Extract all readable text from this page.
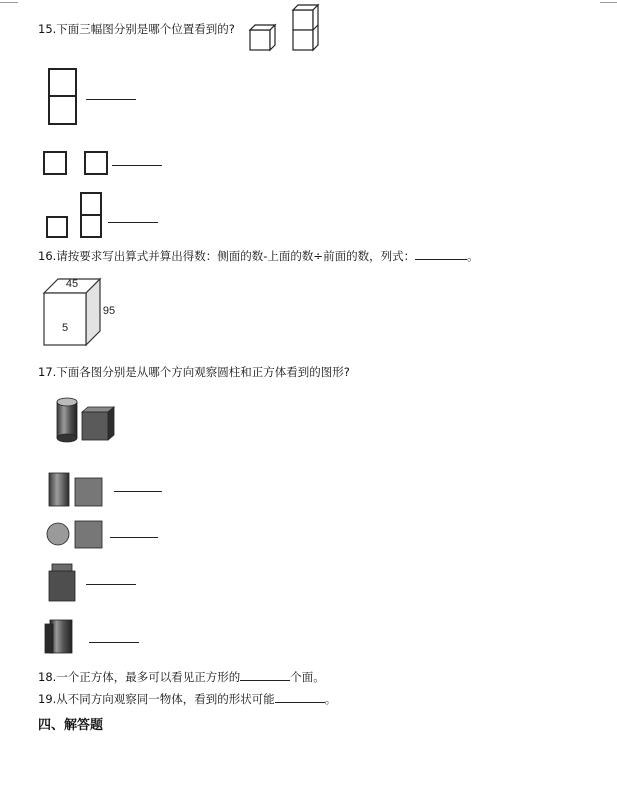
15.下面三幅图分别是哪个位置看到的?
16.请按要求写出算式并算出得数：侧面的数-上面的数÷前面的数，列式：	。
45
95
5
17.下面各图分别是从哪个方向观察圆柱和正方体看到的图形?
18.一个正方体，最多可以看见正方形的	个面。
19.从不同方向观察同一物体，看到的形状可能	。
四、解答题
